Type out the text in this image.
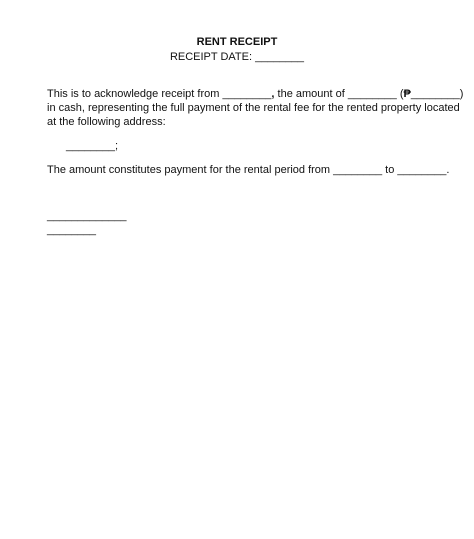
RENT RECEIPT
RECEIPT DATE: ________
This is to acknowledge receipt from ________, the amount of ________ (₱________)
in cash, representing the full payment of the rental fee for the rented property located
at the following address:
________;
The amount constitutes payment for the rental period from ________ to ________.
_____________
________
